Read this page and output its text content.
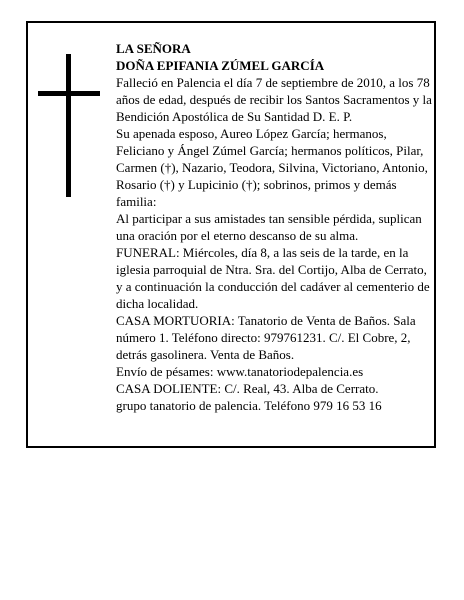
LA SEÑORA

DOÑA EPIFANIA ZÚMEL GARCÍA

Falleció en Palencia el día 7 de septiembre de 2010, a los 78 años de edad, después de recibir los Santos Sacramentos y la Bendición Apostólica de Su Santidad D. E. P.

Su apenada esposo, Aureo López García; hermanos, Feliciano y Ángel Zúmel García; hermanos políticos, Pilar, Carmen (†), Nazario, Teodora, Silvina, Victoriano, Antonio, Rosario (†) y Lupicinio (†); sobrinos, primos y demás familia:

Al participar a sus amistades tan sensible pérdida, suplican una oración por el eterno descanso de su alma.

FUNERAL: Miércoles, día 8, a las seis de la tarde, en la iglesia parroquial de Ntra. Sra. del Cortijo, Alba de Cerrato, y a continuación la conducción del cadáver al cementerio de dicha localidad.

CASA MORTUORIA: Tanatorio de Venta de Baños. Sala número 1. Teléfono directo: 979761231. C/. El Cobre, 2, detrás gasolinera. Venta de Baños.

Envío de pésames: www.tanatoriodepalencia.es

CASA DOLIENTE: C/. Real, 43. Alba de Cerrato.

grupo tanatorio de palencia. Teléfono 979 16 53 16
